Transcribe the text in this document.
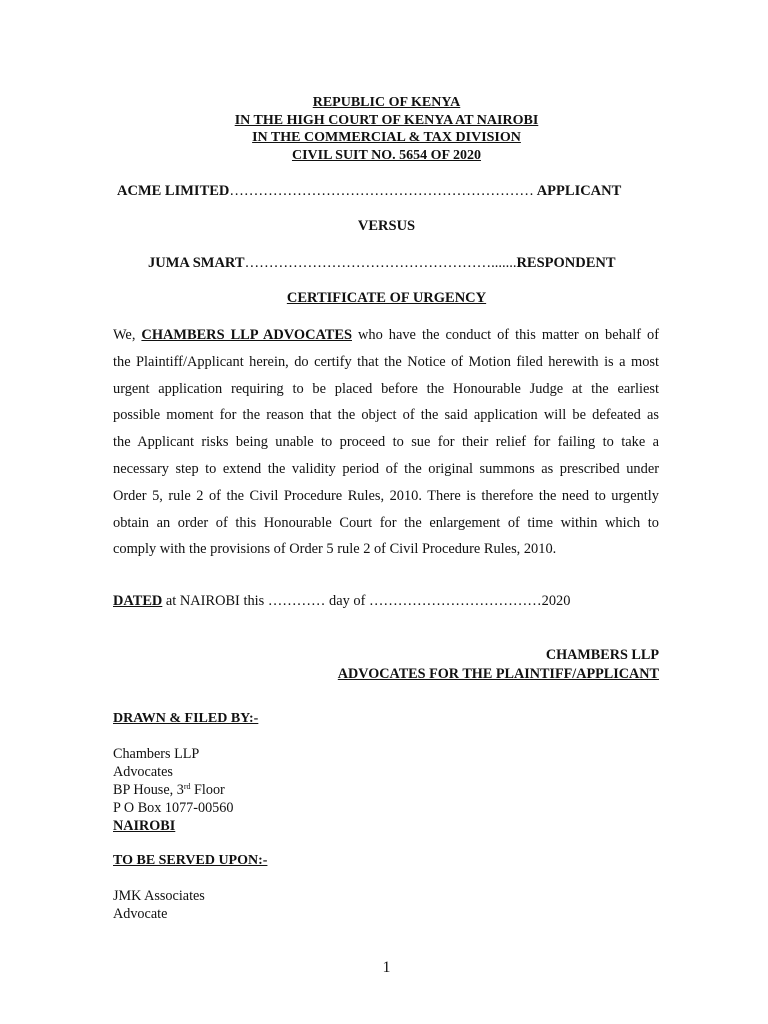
REPUBLIC OF KENYA
IN THE HIGH COURT OF KENYA AT NAIROBI
IN THE COMMERCIAL & TAX DIVISION
CIVIL SUIT NO. 5654 OF 2020
ACME LIMITED……………………………………………………… APPLICANT
VERSUS
JUMA SMART…………………………………………….......RESPONDENT
CERTIFICATE OF URGENCY
We, CHAMBERS LLP ADVOCATES who have the conduct of this matter on behalf of
the Plaintiff/Applicant herein, do certify that the Notice of Motion filed herewith is a most
urgent application requiring to be placed before the Honourable Judge at the earliest
possible moment for the reason that the object of the said application will be defeated as
the Applicant risks being unable to proceed to sue for their relief for failing to take a
necessary step to extend the validity period of the original summons as prescribed under
Order 5, rule 2 of the Civil Procedure Rules, 2010. There is therefore the need to urgently
obtain an order of this Honourable Court for the enlargement of time within which to
comply with the provisions of Order 5 rule 2 of Civil Procedure Rules, 2010.
DATED at NAIROBI this ………… day of ………………………………2020
CHAMBERS LLP
ADVOCATES FOR THE PLAINTIFF/APPLICANT
DRAWN & FILED BY:-
Chambers LLP
Advocates
BP House, 3rd Floor
P O Box 1077-00560
NAIROBI
TO BE SERVED UPON:-
JMK Associates
Advocate
1
